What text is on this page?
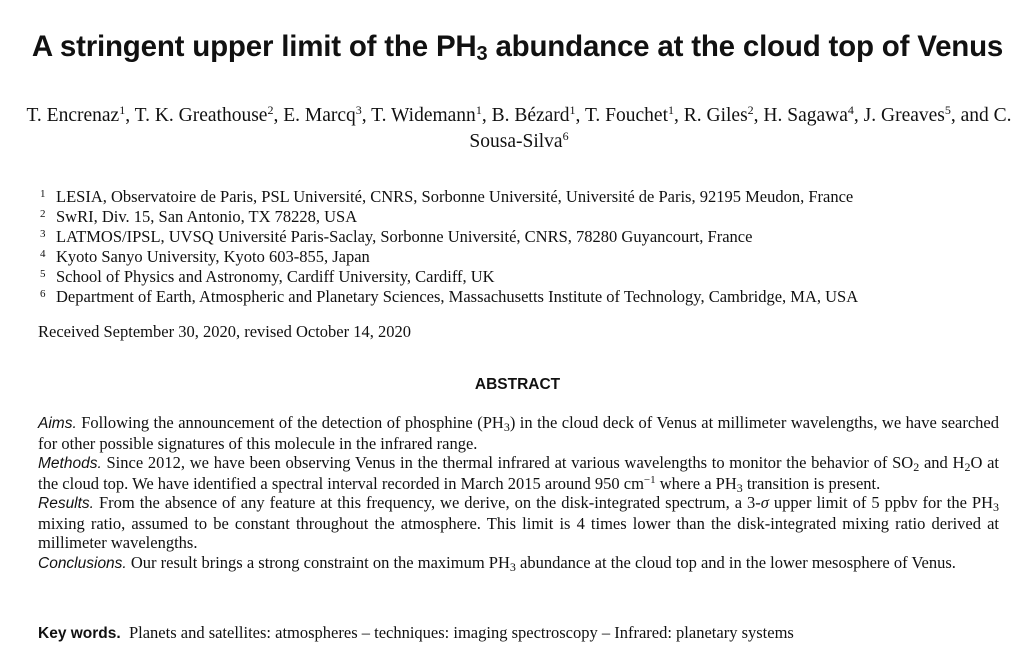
A stringent upper limit of the $PH_3$ abundance at the cloud top of Venus
T. Encrenaz$^1$, T. K. Greathouse$^2$, E. Marcq$^3$, T. Widemann$^1$, B. Bézard$^1$, T. Fouchet$^1$, R. Giles$^2$, H. Sagawa$^4$, J. Greaves$^5$, and C. Sousa-Silva$^6$
1 LESIA, Observatoire de Paris, PSL Université, CNRS, Sorbonne Université, Université de Paris, 92195 Meudon, France
2 SwRI, Div. 15, San Antonio, TX 78228, USA
3 LATMOS/IPSL, UVSQ Université Paris-Saclay, Sorbonne Université, CNRS, 78280 Guyancourt, France
4 Kyoto Sanyo University, Kyoto 603-855, Japan
5 School of Physics and Astronomy, Cardiff University, Cardiff, UK
6 Department of Earth, Atmospheric and Planetary Sciences, Massachusetts Institute of Technology, Cambridge, MA, USA
Received September 30, 2020, revised October 14, 2020
ABSTRACT

Aims. Following the announcement of the detection of phosphine $(PH_3)$ in the cloud deck of Venus at millimeter wavelengths, we have searched for other possible signatures of this molecule in the infrared range.

Methods. Since 2012, we have been observing Venus in the thermal infrared at various wavelengths to monitor the behavior of $SO_2$ and $H_2O$ at the cloud top. We have identified a spectral interval recorded in March 2015 around 950 $cm^{-1}$ where a $PH_3$ transition is present.

Results. From the absence of any feature at this frequency, we derive, on the disk-integrated spectrum, a 3-σ upper limit of 5 ppbv for the $PH_3$ mixing ratio, assumed to be constant throughout the atmosphere. This limit is 4 times lower than the disk-integrated mixing ratio derived at millimeter wavelengths.

Conclusions. Our result brings a strong constraint on the maximum $PH_3$ abundance at the cloud top and in the lower mesosphere of Venus.

Key words. Planets and satellites: atmospheres – techniques: imaging spectroscopy – Infrared: planetary systems
